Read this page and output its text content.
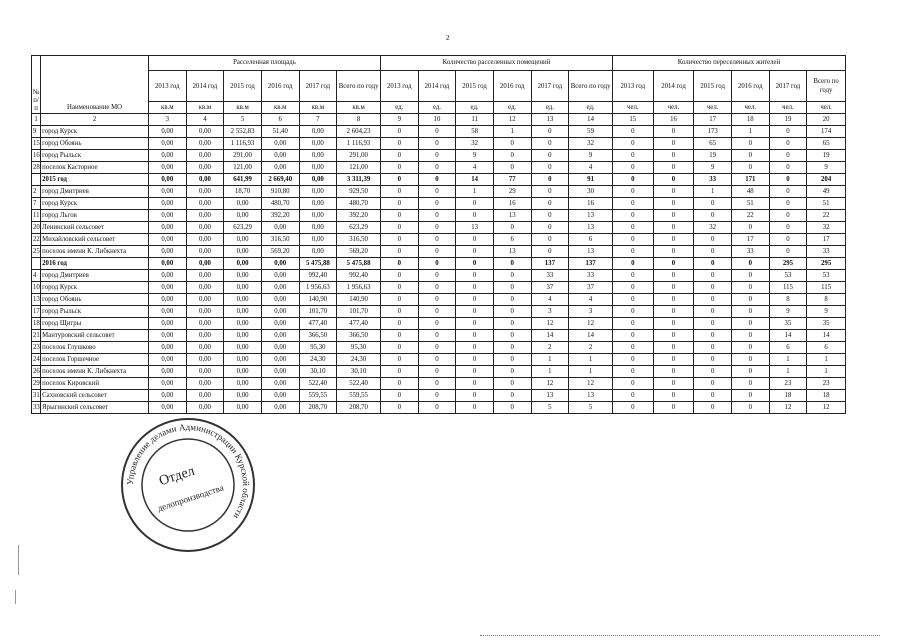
2
№ п/п	Наименование МО	Расселенная площадь						Количество расселенных помещений						Количество переселенных жителей					
		2013 год	2014 год	2015 год	2016 год	2017 год	Всего по году	2013 год	2014 год	2015 год	2016 год	2017 год	Всего по году	2013 год	2014 год	2015 год	2016 год	2017 год	Всего по году
		кв.м	кв.м	кв.м	кв.м	кв.м	кв.м	ед.	ед.	ед.	ед.	ед.	ед.	чел.	чел.	чел.	чел.	чел.	чел.
1	2	3	4	5	6	7	8	9	10	11	12	13	14	15	16	17	18	19	20
9	город Курск	0,00	0,00	2 552,83	51,40	0,00	2 604,23	0	0	58	1	0	59	0	0	173	1	0	174
15	город Обоянь	0,00	0,00	1 116,93	0,00	0,00	1 116,93	0	0	32	0	0	32	0	0	65	0	0	65
16	город Рыльск	0,00	0,00	291,00	0,00	0,00	291,00	0	0	9	0	0	9	0	0	19	0	0	19
28	поселок Касторное	0,00	0,00	121,00	0,00	0,00	121,00	0	0	4	0	0	4	0	0	9	0	0	9
	2015 год	0,00	0,00	641,99	2 669,40	0,00	3 311,39	0	0	14	77	0	91	0	0	33	171	0	204
2	город Дмитриев	0,00	0,00	18,70	910,80	0,00	929,50	0	0	1	29	0	30	0	0	1	48	0	49
7	город Курск	0,00	0,00	0,00	480,70	0,00	480,70	0	0	0	16	0	16	0	0	0	51	0	51
11	город Льгов	0,00	0,00	0,00	392,20	0,00	392,20	0	0	0	13	0	13	0	0	0	22	0	22
20	Ленинский сельсовет	0,00	0,00	623,29	0,00	0,00	623,29	0	0	13	0	0	13	0	0	32	0	0	32
22	Михайловский сельсовет	0,00	0,00	0,00	316,50	0,00	316,50	0	0	0	6	0	6	0	0	0	17	0	17
25	поселок имени К. Либкнехта	0,00	0,00	0,00	569,20	0,00	569,20	0	0	0	13	0	13	0	0	0	33	0	33
	2016 год	0,00	0,00	0,00	0,00	5 475,88	5 475,88	0	0	0	0	137	137	0	0	0	0	295	295
4	город Дмитриев	0,00	0,00	0,00	0,00	992,40	992,40	0	0	0	0	33	33	0	0	0	0	53	53
10	город Курск	0,00	0,00	0,00	0,00	1 956,63	1 956,63	0	0	0	0	37	37	0	0	0	0	115	115
13	город Обоянь	0,00	0,00	0,00	0,00	140,90	140,90	0	0	0	0	4	4	0	0	0	0	8	8
17	город Рыльск	0,00	0,00	0,00	0,00	101,70	101,70	0	0	0	0	3	3	0	0	0	0	9	9
18	город Щигры	0,00	0,00	0,00	0,00	477,40	477,40	0	0	0	0	12	12	0	0	0	0	35	35
21	Мантуровский сельсовет	0,00	0,00	0,00	0,00	366,50	366,50	0	0	0	0	14	14	0	0	0	0	14	14
23	поселок Глушково	0,00	0,00	0,00	0,00	95,30	95,30	0	0	0	0	2	2	0	0	0	0	6	6
24	поселок Горшечное	0,00	0,00	0,00	0,00	24,30	24,30	0	0	0	0	1	1	0	0	0	0	1	1
26	поселок имени К. Либкнехта	0,00	0,00	0,00	0,00	30,10	30,10	0	0	0	0	1	1	0	0	0	0	1	1
29	поселок Кировский	0,00	0,00	0,00	0,00	522,40	522,40	0	0	0	0	12	12	0	0	0	0	23	23
31	Сахновский сельсовет	0,00	0,00	0,00	0,00	559,55	559,55	0	0	0	0	13	13	0	0	0	0	18	18
33	Ярыгинский сельсовет	0,00	0,00	0,00	0,00	208,70	208,70	0	0	0	0	5	5	0	0	0	0	12	12
Управление делами Администрации Курской области
Отдел
делопроизводства
